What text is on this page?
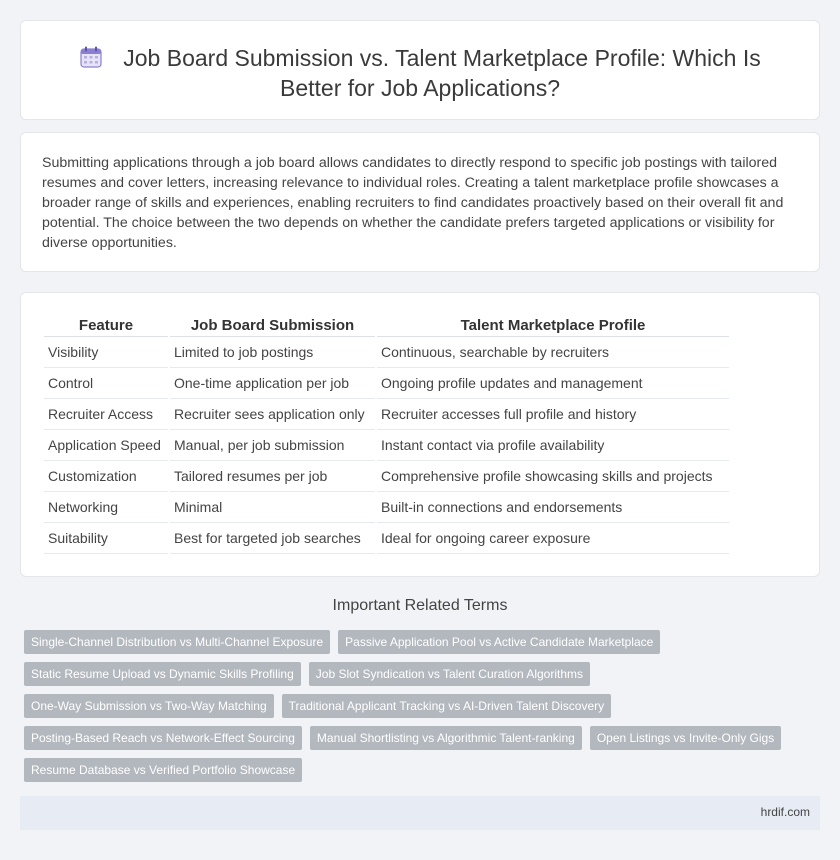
Job Board Submission vs. Talent Marketplace Profile: Which Is Better for Job Applications?

Submitting applications through a job board allows candidates to directly respond to specific job postings with tailored resumes and cover letters, increasing relevance to individual roles. Creating a talent marketplace profile showcases a broader range of skills and experiences, enabling recruiters to find candidates proactively based on their overall fit and potential. The choice between the two depends on whether the candidate prefers targeted applications or visibility for diverse opportunities.

Feature	Job Board Submission	Talent Marketplace Profile
Visibility	Limited to job postings	Continuous, searchable by recruiters
Control	One-time application per job	Ongoing profile updates and management
Recruiter Access	Recruiter sees application only	Recruiter accesses full profile and history
Application Speed	Manual, per job submission	Instant contact via profile availability
Customization	Tailored resumes per job	Comprehensive profile showcasing skills and projects
Networking	Minimal	Built-in connections and endorsements
Suitability	Best for targeted job searches	Ideal for ongoing career exposure
Important Related Terms
Single-Channel Distribution vs Multi-Channel Exposure	Passive Application Pool vs Active Candidate Marketplace
Static Resume Upload vs Dynamic Skills Profiling	Job Slot Syndication vs Talent Curation Algorithms
One-Way Submission vs Two-Way Matching	Traditional Applicant Tracking vs AI-Driven Talent Discovery
Posting-Based Reach vs Network-Effect Sourcing	Manual Shortlisting vs Algorithmic Talent-ranking	Open Listings vs Invite-Only Gigs
Resume Database vs Verified Portfolio Showcase
hrdif.com
